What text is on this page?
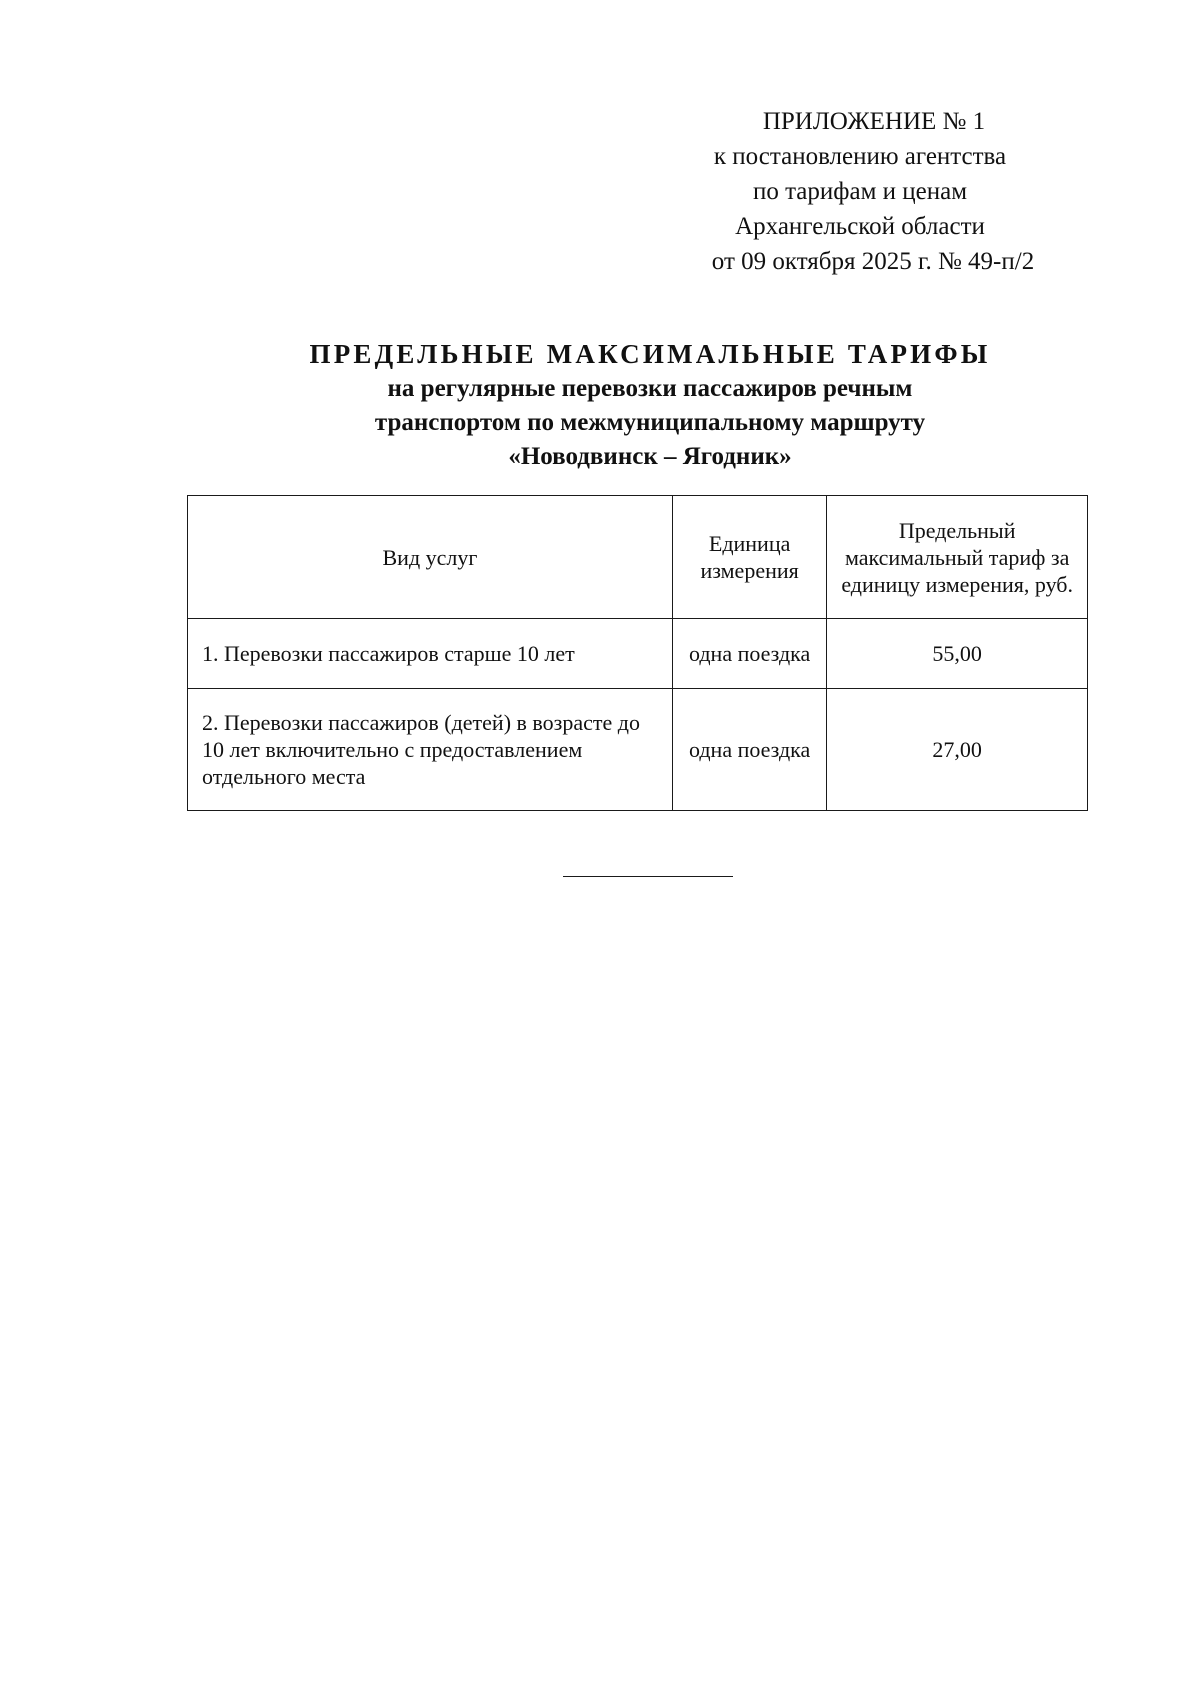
ПРИЛОЖЕНИЕ № 1
к постановлению агентства
по тарифам и ценам
Архангельской области
от 09 октября 2025 г. № 49-п/2
ПРЕДЕЛЬНЫЕ МАКСИМАЛЬНЫЕ ТАРИФЫ
на регулярные перевозки пассажиров речным
транспортом по межмуниципальному маршруту
«Новодвинск – Ягодник»
Вид услуг	Единица измерения	Предельный максимальный тариф за единицу измерения, руб.
1. Перевозки пассажиров старше 10 лет	одна поездка	55,00
2. Перевозки пассажиров (детей) в возрасте до 10 лет включительно с предоставлением отдельного места	одна поездка	27,00
